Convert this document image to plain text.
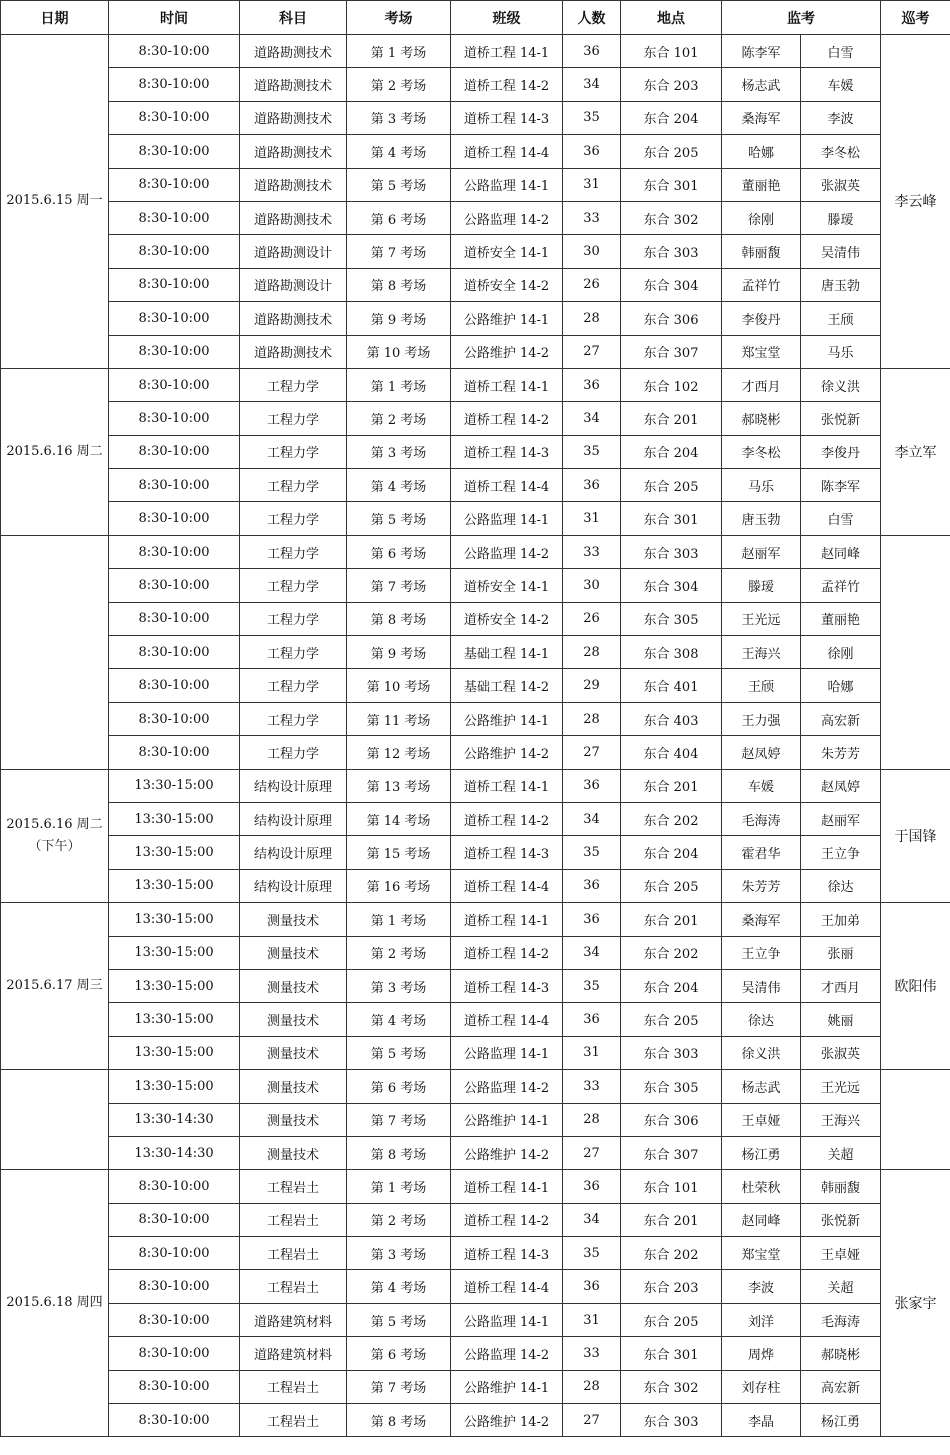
日期	时间	科目	考场	班级	人数	地点	监考		巡考
2015.6.15 周一	8:30-10:00	道路勘测技术	第 1 考场	道桥工程 14-1	36	东合 101	陈李军	白雪	李云峰
	8:30-10:00	道路勘测技术	第 2 考场	道桥工程 14-2	34	东合 203	杨志武	车媛	
	8:30-10:00	道路勘测技术	第 3 考场	道桥工程 14-3	35	东合 204	桑海军	李波	
	8:30-10:00	道路勘测技术	第 4 考场	道桥工程 14-4	36	东合 205	哈娜	李冬松	
	8:30-10:00	道路勘测技术	第 5 考场	公路监理 14-1	31	东合 301	董丽艳	张淑英	
	8:30-10:00	道路勘测技术	第 6 考场	公路监理 14-2	33	东合 302	徐刚	滕瑷	
	8:30-10:00	道路勘测设计	第 7 考场	道桥安全 14-1	30	东合 303	韩丽馥	吴清伟	
	8:30-10:00	道路勘测设计	第 8 考场	道桥安全 14-2	26	东合 304	孟祥竹	唐玉勃	
	8:30-10:00	道路勘测技术	第 9 考场	公路维护 14-1	28	东合 306	李俊丹	王颀	
	8:30-10:00	道路勘测技术	第 10 考场	公路维护 14-2	27	东合 307	郑宝堂	马乐	
2015.6.16 周二	8:30-10:00	工程力学	第 1 考场	道桥工程 14-1	36	东合 102	才西月	徐义洪	李立军
	8:30-10:00	工程力学	第 2 考场	道桥工程 14-2	34	东合 201	郝晓彬	张悦新	
	8:30-10:00	工程力学	第 3 考场	道桥工程 14-3	35	东合 204	李冬松	李俊丹	
	8:30-10:00	工程力学	第 4 考场	道桥工程 14-4	36	东合 205	马乐	陈李军	
	8:30-10:00	工程力学	第 5 考场	公路监理 14-1	31	东合 301	唐玉勃	白雪	
	8:30-10:00	工程力学	第 6 考场	公路监理 14-2	33	东合 303	赵丽军	赵同峰	
	8:30-10:00	工程力学	第 7 考场	道桥安全 14-1	30	东合 304	滕瑷	孟祥竹	
	8:30-10:00	工程力学	第 8 考场	道桥安全 14-2	26	东合 305	王光远	董丽艳	
	8:30-10:00	工程力学	第 9 考场	基础工程 14-1	28	东合 308	王海兴	徐刚	
	8:30-10:00	工程力学	第 10 考场	基础工程 14-2	29	东合 401	王颀	哈娜	
	8:30-10:00	工程力学	第 11 考场	公路维护 14-1	28	东合 403	王力强	高宏新	
	8:30-10:00	工程力学	第 12 考场	公路维护 14-2	27	东合 404	赵凤婷	朱芳芳	
2015.6.16 周二（下午）	13:30-15:00	结构设计原理	第 13 考场	道桥工程 14-1	36	东合 201	车媛	赵凤婷	于国锋
	13:30-15:00	结构设计原理	第 14 考场	道桥工程 14-2	34	东合 202	毛海涛	赵丽军	
	13:30-15:00	结构设计原理	第 15 考场	道桥工程 14-3	35	东合 204	霍君华	王立争	
	13:30-15:00	结构设计原理	第 16 考场	道桥工程 14-4	36	东合 205	朱芳芳	徐达	
2015.6.17 周三	13:30-15:00	测量技术	第 1 考场	道桥工程 14-1	36	东合 201	桑海军	王加弟	欧阳伟
	13:30-15:00	测量技术	第 2 考场	道桥工程 14-2	34	东合 202	王立争	张丽	
	13:30-15:00	测量技术	第 3 考场	道桥工程 14-3	35	东合 204	吴清伟	才西月	
	13:30-15:00	测量技术	第 4 考场	道桥工程 14-4	36	东合 205	徐达	姚丽	
	13:30-15:00	测量技术	第 5 考场	公路监理 14-1	31	东合 303	徐义洪	张淑英	
	13:30-15:00	测量技术	第 6 考场	公路监理 14-2	33	东合 305	杨志武	王光远	
	13:30-14:30	测量技术	第 7 考场	公路维护 14-1	28	东合 306	王卓娅	王海兴	
	13:30-14:30	测量技术	第 8 考场	公路维护 14-2	27	东合 307	杨江勇	关超	
2015.6.18 周四	8:30-10:00	工程岩土	第 1 考场	道桥工程 14-1	36	东合 101	杜荣秋	韩丽馥	张家宇
	8:30-10:00	工程岩土	第 2 考场	道桥工程 14-2	34	东合 201	赵同峰	张悦新	
	8:30-10:00	工程岩土	第 3 考场	道桥工程 14-3	35	东合 202	郑宝堂	王卓娅	
	8:30-10:00	工程岩土	第 4 考场	道桥工程 14-4	36	东合 203	李波	关超	
	8:30-10:00	道路建筑材料	第 5 考场	公路监理 14-1	31	东合 205	刘洋	毛海涛	
	8:30-10:00	道路建筑材料	第 6 考场	公路监理 14-2	33	东合 301	周烨	郝晓彬	
	8:30-10:00	工程岩土	第 7 考场	公路维护 14-1	28	东合 302	刘存柱	高宏新	
	8:30-10:00	工程岩土	第 8 考场	公路维护 14-2	27	东合 303	李晶	杨江勇	
